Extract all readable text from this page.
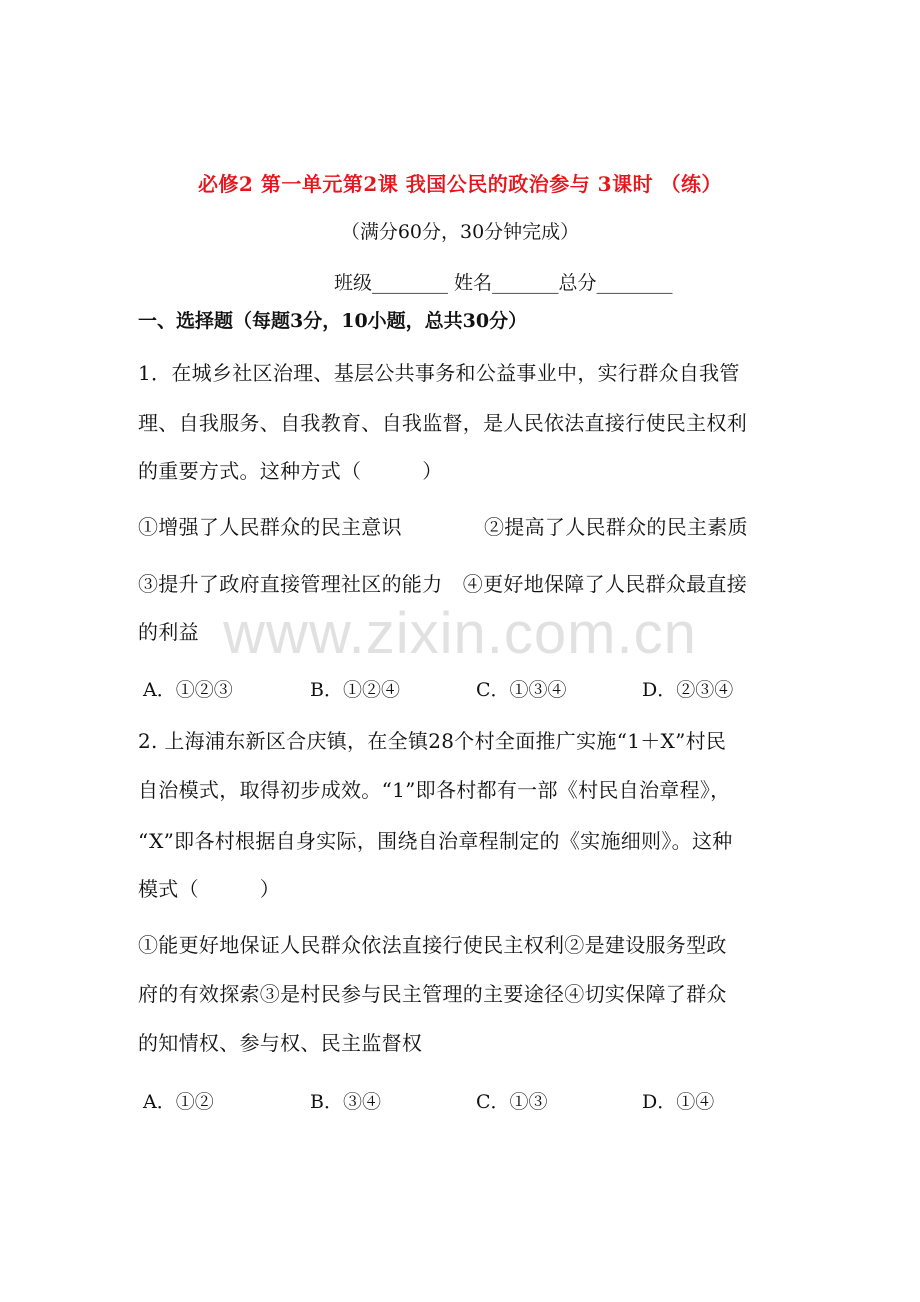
必修2 第一单元第2课 我国公民的政治参与 3课时 （练）
（满分60分，30分钟完成）
班级________ 姓名_______总分________
一、选择题（每题3分，10小题，总共30分）
1．在城乡社区治理、基层公共事务和公益事业中，实行群众自我管
理、自我服务、自我教育、自我监督，是人民依法直接行使民主权利
的重要方式。这种方式（　　　）
①增强了人民群众的民主意识	②提高了人民群众的民主素质
③提升了政府直接管理社区的能力　④更好地保障了人民群众最直接
的利益
A．①②③	B．①②④	C．①③④	D．②③④
2. 上海浦东新区合庆镇，在全镇28个村全面推广实施“1＋X”村民
自治模式，取得初步成效。“1”即各村都有一部《村民自治章程》，
“X”即各村根据自身实际，围绕自治章程制定的《实施细则》。这种
模式（　　　）
①能更好地保证人民群众依法直接行使民主权利②是建设服务型政
府的有效探索③是村民参与民主管理的主要途径④切实保障了群众
的知情权、参与权、民主监督权
A．①②	B．③④	C．①③	D．①④
www.zixin.com.cn
